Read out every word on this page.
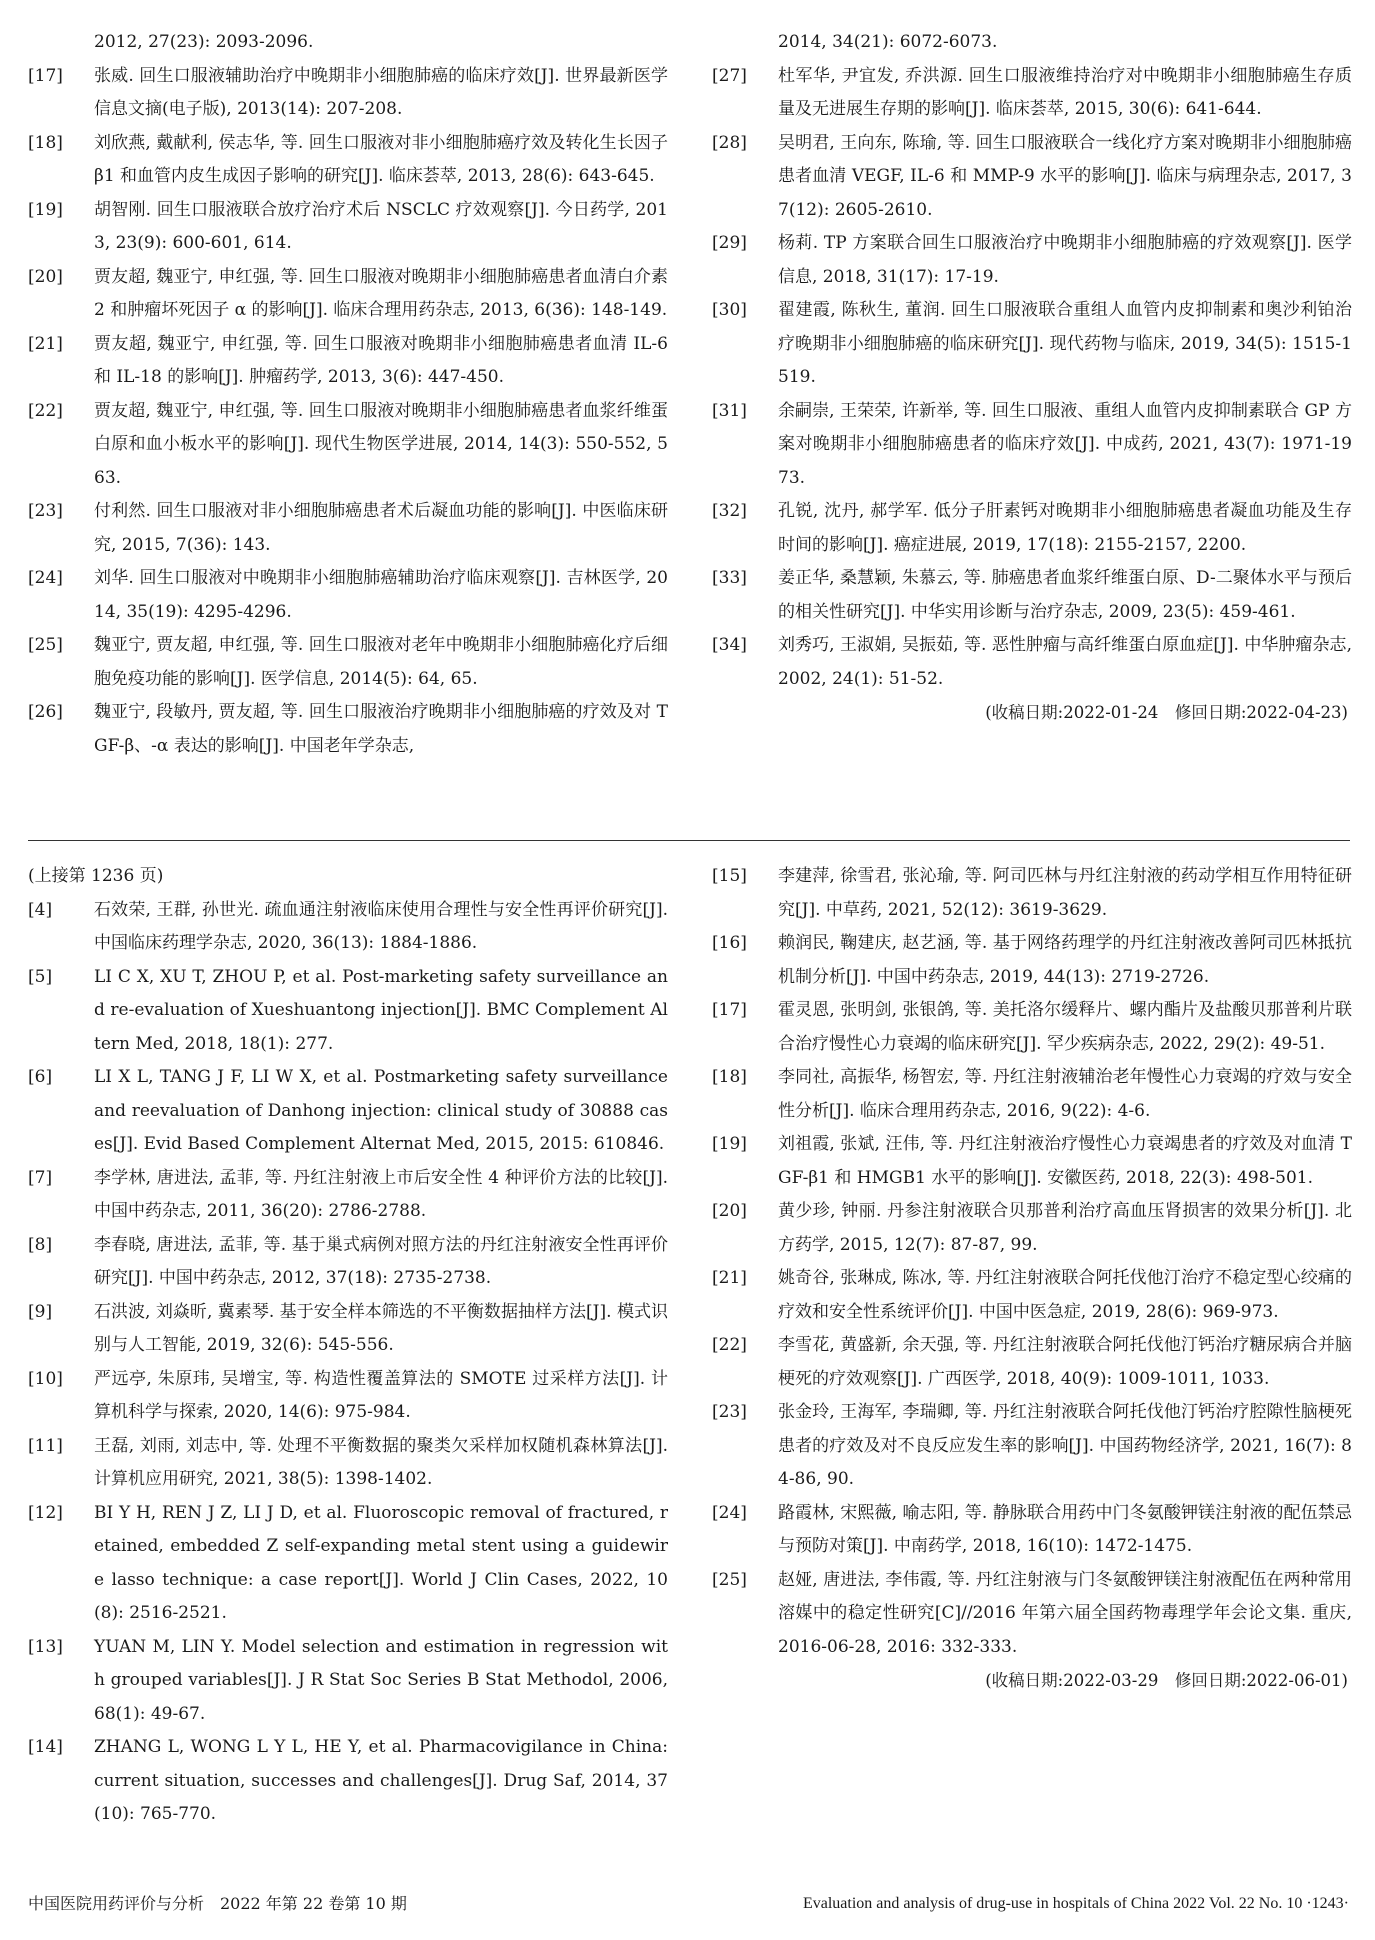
2012, 27(23): 2093-2096.
[17]	张威. 回生口服液辅助治疗中晚期非小细胞肺癌的临床疗效[J]. 世界最新医学信息文摘(电子版), 2013(14): 207-208.
[18]	刘欣燕, 戴献利, 侯志华, 等. 回生口服液对非小细胞肺癌疗效及转化生长因子 β1 和血管内皮生成因子影响的研究[J]. 临床荟萃, 2013, 28(6): 643-645.
[19]	胡智刚. 回生口服液联合放疗治疗术后 NSCLC 疗效观察[J]. 今日药学, 2013, 23(9): 600-601, 614.
[20]	贾友超, 魏亚宁, 申红强, 等. 回生口服液对晚期非小细胞肺癌患者血清白介素 2 和肿瘤坏死因子 α 的影响[J]. 临床合理用药杂志, 2013, 6(36): 148-149.
[21]	贾友超, 魏亚宁, 申红强, 等. 回生口服液对晚期非小细胞肺癌患者血清 IL-6 和 IL-18 的影响[J]. 肿瘤药学, 2013, 3(6): 447-450.
[22]	贾友超, 魏亚宁, 申红强, 等. 回生口服液对晚期非小细胞肺癌患者血浆纤维蛋白原和血小板水平的影响[J]. 现代生物医学进展, 2014, 14(3): 550-552, 563.
[23]	付利然. 回生口服液对非小细胞肺癌患者术后凝血功能的影响[J]. 中医临床研究, 2015, 7(36): 143.
[24]	刘华. 回生口服液对中晚期非小细胞肺癌辅助治疗临床观察[J]. 吉林医学, 2014, 35(19): 4295-4296.
[25]	魏亚宁, 贾友超, 申红强, 等. 回生口服液对老年中晚期非小细胞肺癌化疗后细胞免疫功能的影响[J]. 医学信息, 2014(5): 64, 65.
[26]	魏亚宁, 段敏丹, 贾友超, 等. 回生口服液治疗晚期非小细胞肺癌的疗效及对 TGF-β、-α 表达的影响[J]. 中国老年学杂志,
2014, 34(21): 6072-6073.
[27]	杜军华, 尹宜发, 乔洪源. 回生口服液维持治疗对中晚期非小细胞肺癌生存质量及无进展生存期的影响[J]. 临床荟萃, 2015, 30(6): 641-644.
[28]	吴明君, 王向东, 陈瑜, 等. 回生口服液联合一线化疗方案对晚期非小细胞肺癌患者血清 VEGF, IL-6 和 MMP-9 水平的影响[J]. 临床与病理杂志, 2017, 37(12): 2605-2610.
[29]	杨莉. TP 方案联合回生口服液治疗中晚期非小细胞肺癌的疗效观察[J]. 医学信息, 2018, 31(17): 17-19.
[30]	翟建霞, 陈秋生, 董润. 回生口服液联合重组人血管内皮抑制素和奥沙利铂治疗晚期非小细胞肺癌的临床研究[J]. 现代药物与临床, 2019, 34(5): 1515-1519.
[31]	余嗣崇, 王荣荣, 许新举, 等. 回生口服液、重组人血管内皮抑制素联合 GP 方案对晚期非小细胞肺癌患者的临床疗效[J]. 中成药, 2021, 43(7): 1971-1973.
[32]	孔锐, 沈丹, 郝学军. 低分子肝素钙对晚期非小细胞肺癌患者凝血功能及生存时间的影响[J]. 癌症进展, 2019, 17(18): 2155-2157, 2200.
[33]	姜正华, 桑慧颖, 朱慕云, 等. 肺癌患者血浆纤维蛋白原、D-二聚体水平与预后的相关性研究[J]. 中华实用诊断与治疗杂志, 2009, 23(5): 459-461.
[34]	刘秀巧, 王淑娟, 吴振茹, 等. 恶性肿瘤与高纤维蛋白原血症[J]. 中华肿瘤杂志, 2002, 24(1): 51-52.
(收稿日期:2022-01-24　修回日期:2022-04-23)
(上接第 1236 页)
[4]	石效荣, 王群, 孙世光. 疏血通注射液临床使用合理性与安全性再评价研究[J]. 中国临床药理学杂志, 2020, 36(13): 1884-1886.
[5]	LI C X, XU T, ZHOU P, et al. Post-marketing safety surveillance and re-evaluation of Xueshuantong injection[J]. BMC Complement Altern Med, 2018, 18(1): 277.
[6]	LI X L, TANG J F, LI W X, et al. Postmarketing safety surveillance and reevaluation of Danhong injection: clinical study of 30888 cases[J]. Evid Based Complement Alternat Med, 2015, 2015: 610846.
[7]	李学林, 唐进法, 孟菲, 等. 丹红注射液上市后安全性 4 种评价方法的比较[J]. 中国中药杂志, 2011, 36(20): 2786-2788.
[8]	李春晓, 唐进法, 孟菲, 等. 基于巢式病例对照方法的丹红注射液安全性再评价研究[J]. 中国中药杂志, 2012, 37(18): 2735-2738.
[9]	石洪波, 刘焱昕, 冀素琴. 基于安全样本筛选的不平衡数据抽样方法[J]. 模式识别与人工智能, 2019, 32(6): 545-556.
[10]	严远亭, 朱原玮, 吴增宝, 等. 构造性覆盖算法的 SMOTE 过采样方法[J]. 计算机科学与探索, 2020, 14(6): 975-984.
[11]	王磊, 刘雨, 刘志中, 等. 处理不平衡数据的聚类欠采样加权随机森林算法[J]. 计算机应用研究, 2021, 38(5): 1398-1402.
[12]	BI Y H, REN J Z, LI J D, et al. Fluoroscopic removal of fractured, retained, embedded Z self-expanding metal stent using a guidewire lasso technique: a case report[J]. World J Clin Cases, 2022, 10(8): 2516-2521.
[13]	YUAN M, LIN Y. Model selection and estimation in regression with grouped variables[J]. J R Stat Soc Series B Stat Methodol, 2006, 68(1): 49-67.
[14]	ZHANG L, WONG L Y L, HE Y, et al. Pharmacovigilance in China: current situation, successes and challenges[J]. Drug Saf, 2014, 37(10): 765-770.
[15]	李建萍, 徐雪君, 张沁瑜, 等. 阿司匹林与丹红注射液的药动学相互作用特征研究[J]. 中草药, 2021, 52(12): 3619-3629.
[16]	赖润民, 鞠建庆, 赵艺涵, 等. 基于网络药理学的丹红注射液改善阿司匹林抵抗机制分析[J]. 中国中药杂志, 2019, 44(13): 2719-2726.
[17]	霍灵恩, 张明剑, 张银鸽, 等. 美托洛尔缓释片、螺内酯片及盐酸贝那普利片联合治疗慢性心力衰竭的临床研究[J]. 罕少疾病杂志, 2022, 29(2): 49-51.
[18]	李同社, 高振华, 杨智宏, 等. 丹红注射液辅治老年慢性心力衰竭的疗效与安全性分析[J]. 临床合理用药杂志, 2016, 9(22): 4-6.
[19]	刘祖霞, 张斌, 汪伟, 等. 丹红注射液治疗慢性心力衰竭患者的疗效及对血清 TGF-β1 和 HMGB1 水平的影响[J]. 安徽医药, 2018, 22(3): 498-501.
[20]	黄少珍, 钟丽. 丹参注射液联合贝那普利治疗高血压肾损害的效果分析[J]. 北方药学, 2015, 12(7): 87-87, 99.
[21]	姚奇谷, 张琳成, 陈冰, 等. 丹红注射液联合阿托伐他汀治疗不稳定型心绞痛的疗效和安全性系统评价[J]. 中国中医急症, 2019, 28(6): 969-973.
[22]	李雪花, 黄盛新, 余天强, 等. 丹红注射液联合阿托伐他汀钙治疗糖尿病合并脑梗死的疗效观察[J]. 广西医学, 2018, 40(9): 1009-1011, 1033.
[23]	张金玲, 王海军, 李瑞卿, 等. 丹红注射液联合阿托伐他汀钙治疗腔隙性脑梗死患者的疗效及对不良反应发生率的影响[J]. 中国药物经济学, 2021, 16(7): 84-86, 90.
[24]	路霞林, 宋熙薇, 喻志阳, 等. 静脉联合用药中门冬氨酸钾镁注射液的配伍禁忌与预防对策[J]. 中南药学, 2018, 16(10): 1472-1475.
[25]	赵娅, 唐进法, 李伟霞, 等. 丹红注射液与门冬氨酸钾镁注射液配伍在两种常用溶媒中的稳定性研究[C]//2016 年第六届全国药物毒理学年会论文集. 重庆, 2016-06-28, 2016: 332-333.
(收稿日期:2022-03-29　修回日期:2022-06-01)
中国医院用药评价与分析　2022 年第 22 卷第 10 期	Evaluation and analysis of drug-use in hospitals of China 2022 Vol. 22 No. 10 ·1243·
